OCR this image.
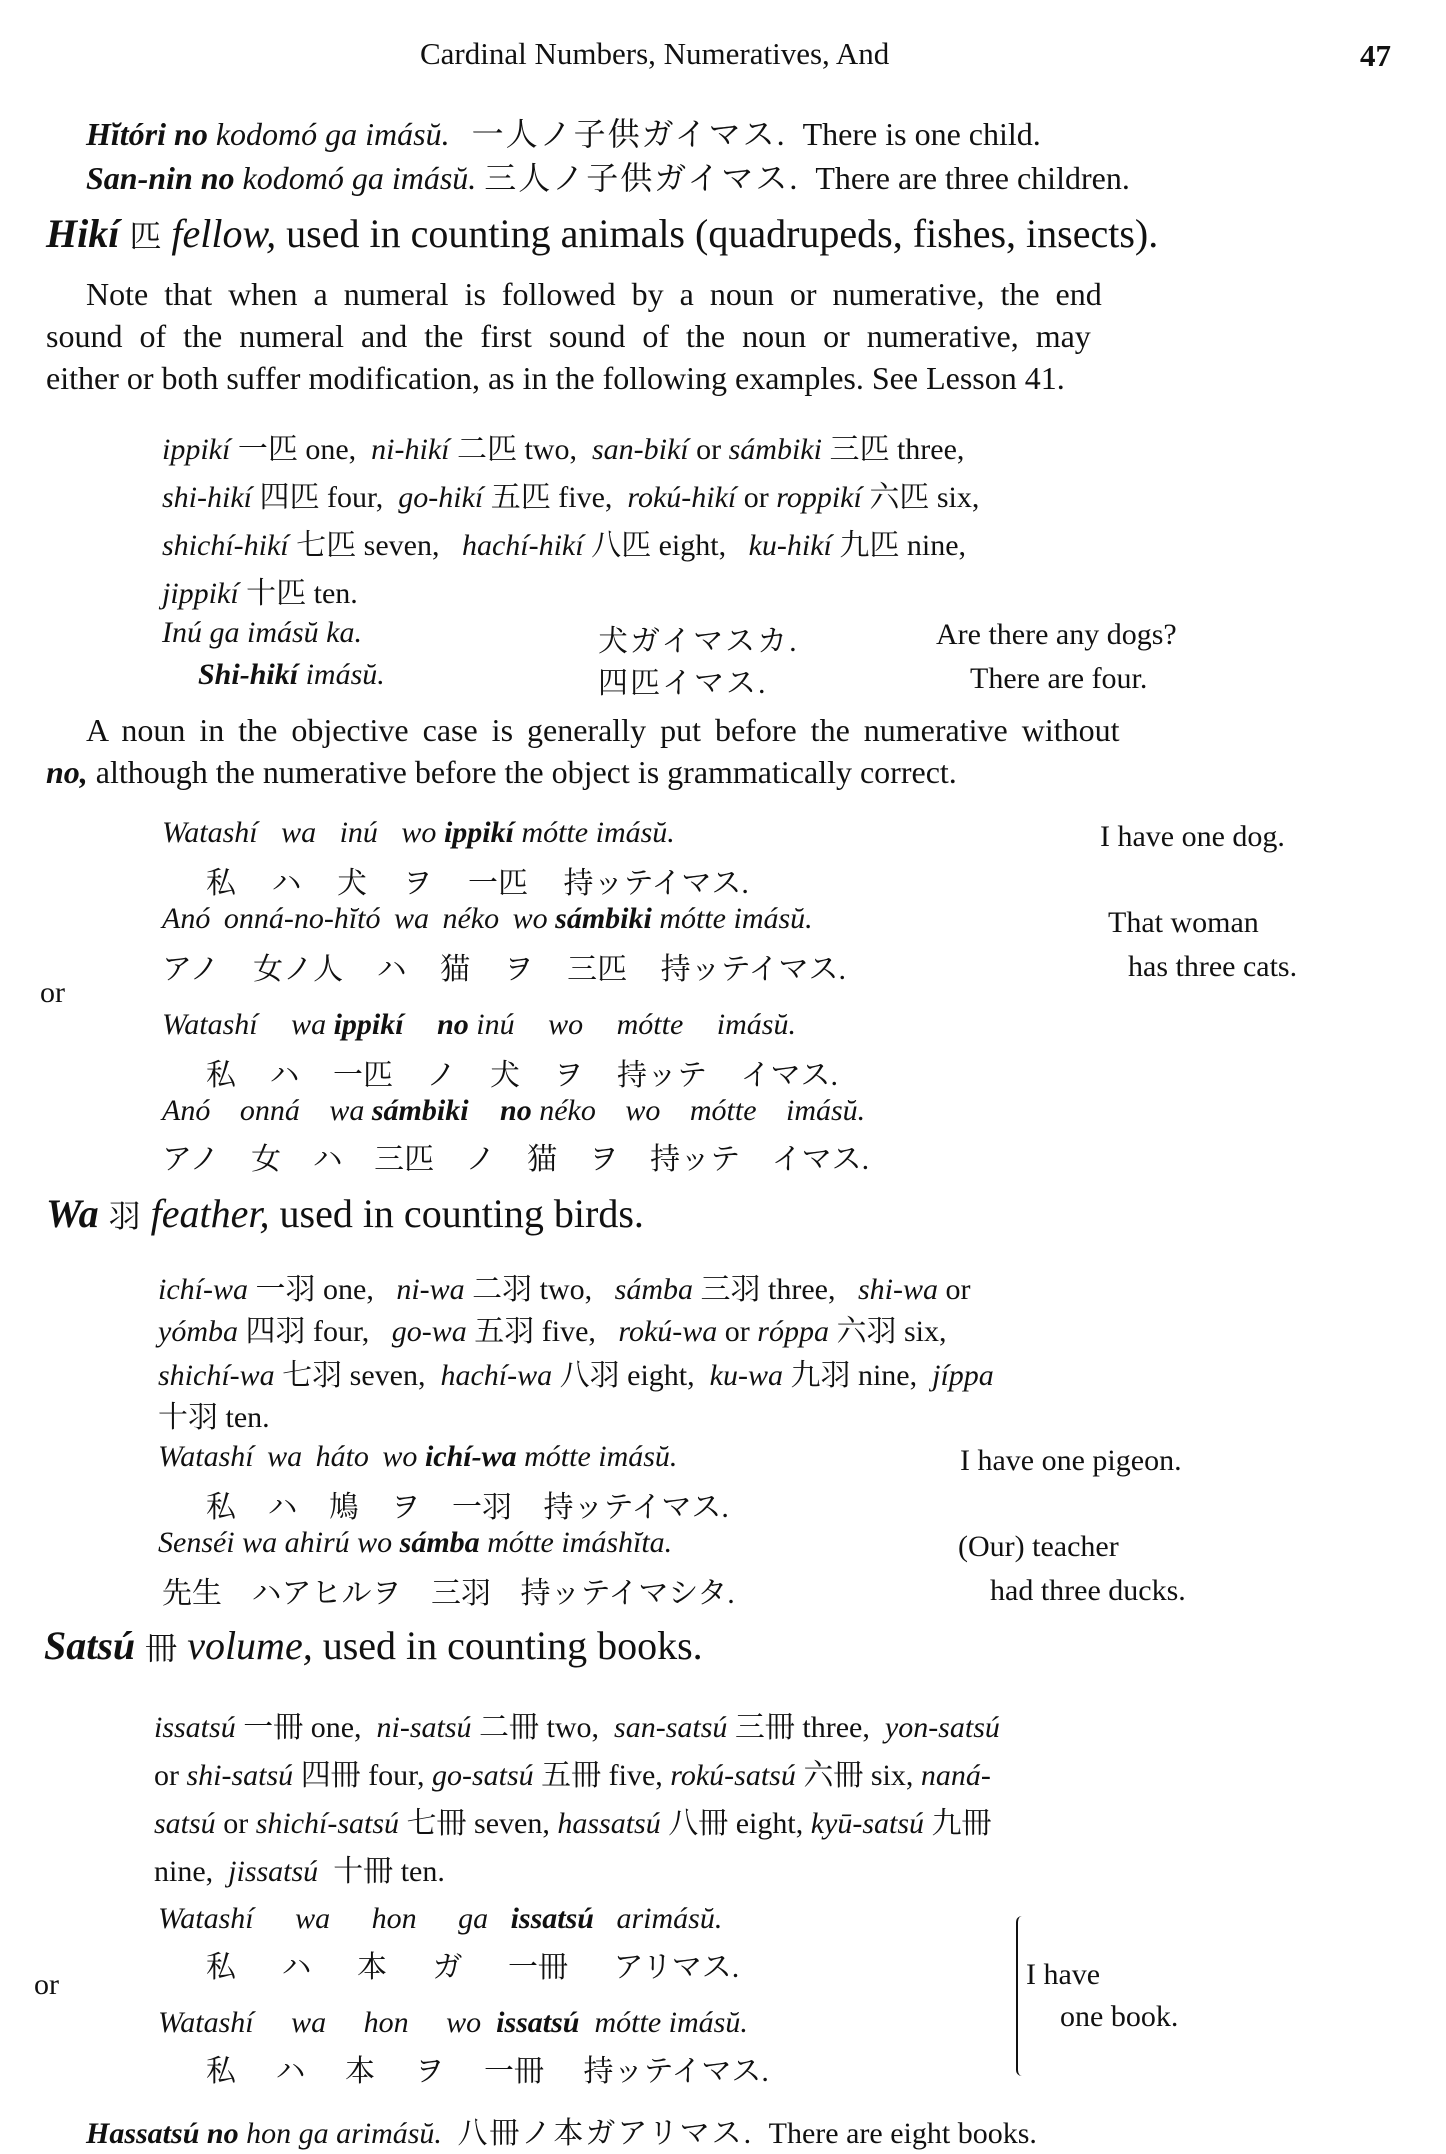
Cardinal Numbers, Numeratives, And	47
Hĭtóri no kodomó ga imásŭ. 一人ノ子供ガイマス. There is one child.
San-nin no kodomó ga imásŭ. 三人ノ子供ガイマス. There are three children.
Hikí 匹 fellow, used in counting animals (quadrupeds, fishes, insects).
Note that when a numeral is followed by a noun or numerative, the end
sound of the numeral and the first sound of the noun or numerative, may
either or both suffer modification, as in the following examples. See Lesson 41.
ippikí 一匹 one, ni-hikí 二匹 two, san-bikí or sámbiki 三匹 three,
shi-hikí 四匹 four, go-hikí 五匹 five, rokú-hikí or roppikí 六匹 six,
shichí-hikí 七匹 seven, hachí-hikí 八匹 eight, ku-hikí 九匹 nine,
jippikí 十匹 ten.
Inú ga imásŭ ka.	犬ガイマスカ.	Are there any dogs?
Shi-hikí imásŭ.	四匹イマス.	There are four.
A noun in the objective case is generally put before the numerative without
no, although the numerative before the object is grammatically correct.
Watashí wa inú wo ippikí mótte imásŭ.	I have one dog.
私 ハ 犬 ヲ 一匹 持ッテイマス.
Anó onná-no-hĭtó wa néko wo sámbiki mótte imásŭ.	That woman
アノ 女ノ人 ハ 猫 ヲ 三匹 持ッテイマス.	has three cats.
or
Watashí wa ippikí no inú wo mótte imásŭ.
私 ハ 一匹 ノ 犬 ヲ 持ッテ イマス.
Anó onná wa sámbiki no néko wo mótte imásŭ.
アノ 女 ハ 三匹 ノ 猫 ヲ 持ッテ イマス.
Wa 羽 feather, used in counting birds.
ichí-wa 一羽 one, ni-wa 二羽 two, sámba 三羽 three, shi-wa or
yómba 四羽 four, go-wa 五羽 five, rokú-wa or róppa 六羽 six,
shichí-wa 七羽 seven, hachí-wa 八羽 eight, ku-wa 九羽 nine, jíppa
十羽 ten.
Watashí wa háto wo ichí-wa mótte imásŭ.	I have one pigeon.
私 ハ 鳩 ヲ 一羽 持ッテイマス.
Senséi wa ahirú wo sámba mótte imáshĭta.	(Our) teacher
先生 ハアヒルヲ 三羽 持ッテイマシタ.	had three ducks.
Satsú 冊 volume, used in counting books.
issatsú 一冊 one, ni-satsú 二冊 two, san-satsú 三冊 three, yon-satsú
or shi-satsú 四冊 four, go-satsú 五冊 five, rokú-satsú 六冊 six, naná-
satsú or shichí-satsú 七冊 seven, hassatsú 八冊 eight, kyū-satsú 九冊
nine, jissatsú 十冊 ten.
Watashí wa hon ga issatsú arimásŭ.
私 ハ 本 ガ 一冊 アリマス.
or
Watashí wa hon wo issatsú mótte imásŭ.
私 ハ 本 ヲ 一冊 持ッテイマス.
I have
one book.
Hassatsú no hon ga arimásŭ. 八冊ノ本ガアリマス. There are eight books.
